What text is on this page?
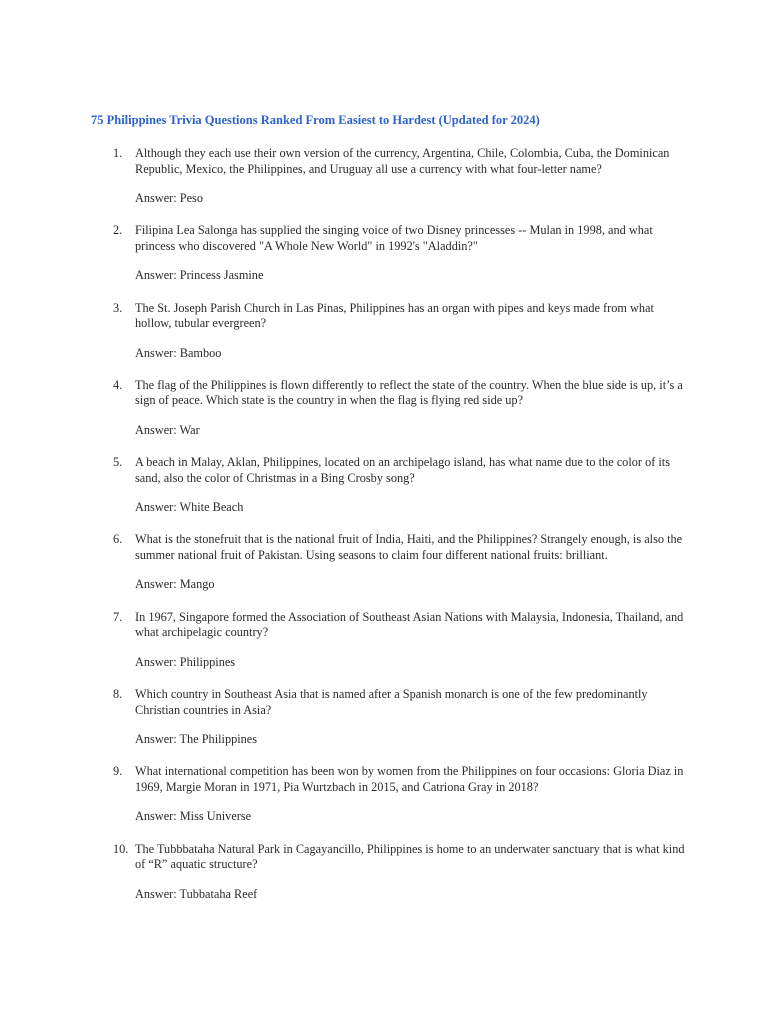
75 Philippines Trivia Questions Ranked From Easiest to Hardest (Updated for 2024)
1. Although they each use their own version of the currency, Argentina, Chile, Colombia, Cuba, the Dominican Republic, Mexico, the Philippines, and Uruguay all use a currency with what four-letter name?

Answer: Peso

2. Filipina Lea Salonga has supplied the singing voice of two Disney princesses -- Mulan in 1998, and what princess who discovered "A Whole New World" in 1992's "Aladdin?"

Answer: Princess Jasmine

3. The St. Joseph Parish Church in Las Pinas, Philippines has an organ with pipes and keys made from what hollow, tubular evergreen?

Answer: Bamboo

4. The flag of the Philippines is flown differently to reflect the state of the country. When the blue side is up, it’s a sign of peace. Which state is the country in when the flag is flying red side up?

Answer: War

5. A beach in Malay, Aklan, Philippines, located on an archipelago island, has what name due to the color of its sand, also the color of Christmas in a Bing Crosby song?

Answer: White Beach

6. What is the stonefruit that is the national fruit of India, Haiti, and the Philippines? Strangely enough, is also the summer national fruit of Pakistan. Using seasons to claim four different national fruits: brilliant.

Answer: Mango

7. In 1967, Singapore formed the Association of Southeast Asian Nations with Malaysia, Indonesia, Thailand, and what archipelagic country?

Answer: Philippines

8. Which country in Southeast Asia that is named after a Spanish monarch is one of the few predominantly Christian countries in Asia?

Answer: The Philippines

9. What international competition has been won by women from the Philippines on four occasions: Gloria Diaz in 1969, Margie Moran in 1971, Pia Wurtzbach in 2015, and Catriona Gray in 2018?

Answer: Miss Universe

10. The Tubbbataha Natural Park in Cagayancillo, Philippines is home to an underwater sanctuary that is what kind of “R” aquatic structure?

Answer: Tubbataha Reef
